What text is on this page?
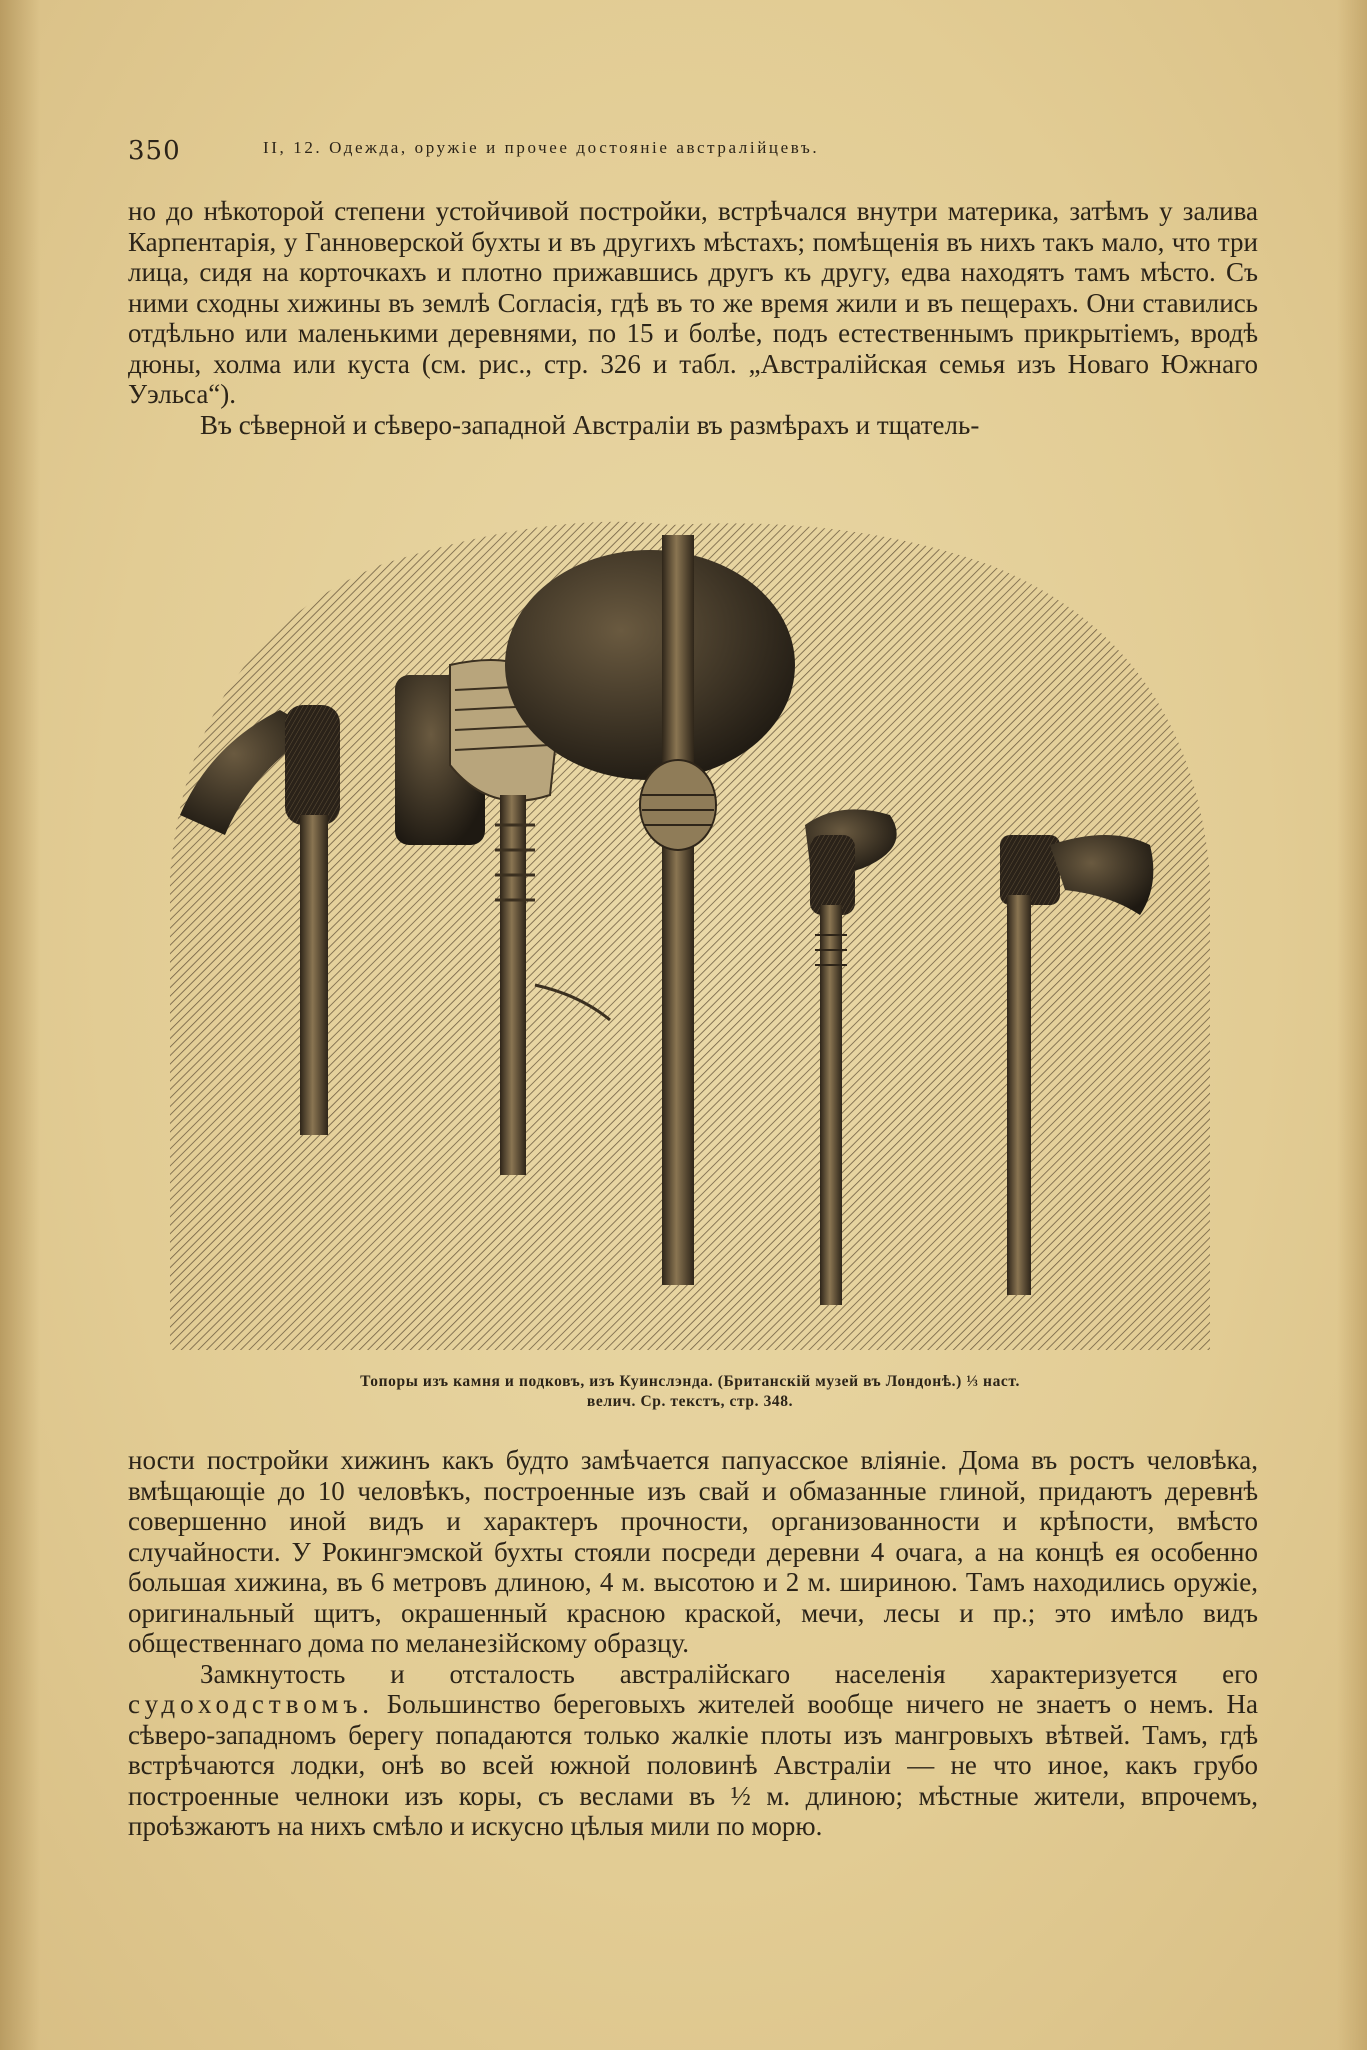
350	II, 12. Одежда, оружіе и прочее достояніе австралійцевъ.

но до нѣкоторой степени устойчивой постройки, встрѣчался внутри материка, затѣмъ у залива Карпентарія, у Ганноверской бухты и въ другихъ мѣстахъ; помѣщенія въ нихъ такъ мало, что три лица, сидя на корточкахъ и плотно прижавшись другъ къ другу, едва находятъ тамъ мѣсто. Съ ними сходны хижины въ землѣ Согласія, гдѣ въ то же время жили и въ пещерахъ. Они ставились отдѣльно или маленькими деревнями, по 15 и болѣе, подъ естественнымъ прикрытіемъ, вродѣ дюны, холма или куста (см. рис., стр. 326 и табл. „Австралійская семья изъ Новаго Южнаго Уэльса“).

Въ сѣверной и сѣверо-западной Австраліи въ размѣрахъ и тщатель-

Топоры изъ камня и подковъ, изъ Куинслэнда. (Британскій музей въ Лондонѣ.) ⅓ наст.
велич. Ср. текстъ, стр. 348.

ности постройки хижинъ какъ будто замѣчается папуасское вліяніе. Дома въ ростъ человѣка, вмѣщающіе до 10 человѣкъ, построенные изъ свай и обмазанные глиной, придаютъ деревнѣ совершенно иной видъ и характеръ прочности, организованности и крѣпости, вмѣсто случайности. У Рокингэмской бухты стояли посреди деревни 4 очага, а на концѣ ея особенно большая хижина, въ 6 метровъ длиною, 4 м. высотою и 2 м. шириною. Тамъ находились оружіе, оригинальный щитъ, окрашенный красною краской, мечи, лесы и пр.; это имѣло видъ общественнаго дома по меланезійскому образцу.

Замкнутость и отсталость австралійскаго населенія характеризуется его судоходствомъ. Большинство береговыхъ жителей вообще ничего не знаетъ о немъ. На сѣверо-западномъ берегу попадаются только жалкіе плоты изъ мангровыхъ вѣтвей. Тамъ, гдѣ встрѣчаются лодки, онѣ во всей южной половинѣ Австраліи — не что иное, какъ грубо построенные челноки изъ коры, съ веслами въ ½ м. длиною; мѣстные жители, впрочемъ, проѣзжаютъ на нихъ смѣло и искусно цѣлыя мили по морю.
